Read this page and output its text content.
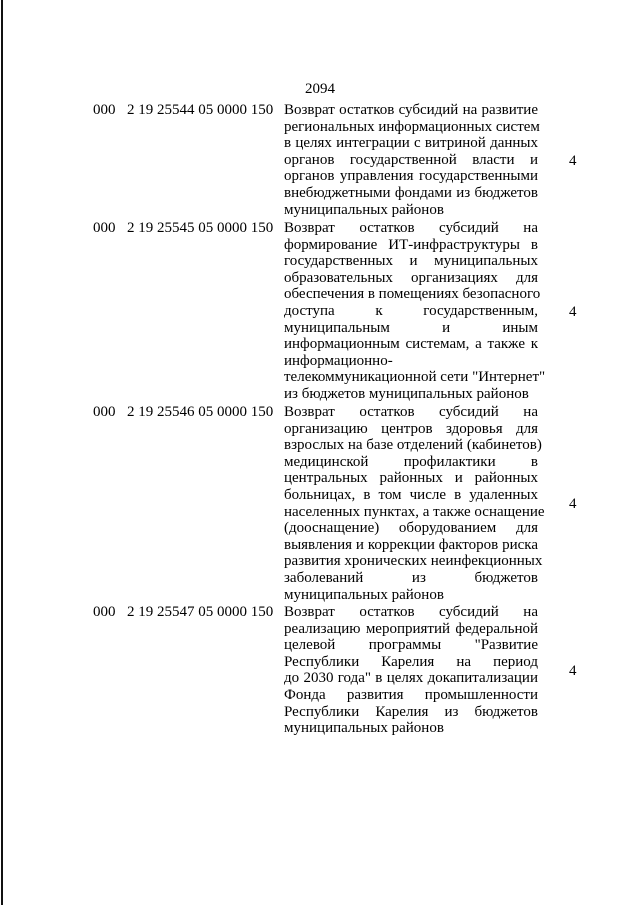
2094
000 2 19 25544 05 0000 150 Возврат остатков субсидий на развитие
региональных информационных систем
в целях интеграции с витриной данных
органов государственной власти и
органов управления государственными
внебюджетными фондами из бюджетов
муниципальных районов
4
000 2 19 25545 05 0000 150 Возврат остатков субсидий на
формирование ИТ-инфраструктуры в
государственных и муниципальных
образовательных организациях для
обеспечения в помещениях безопасного
доступа к государственным,
муниципальным и иным
информационным системам, а также к
информационно-
телекоммуникационной сети "Интернет"
из бюджетов муниципальных районов
4
000 2 19 25546 05 0000 150 Возврат остатков субсидий на
организацию центров здоровья для
взрослых на базе отделений (кабинетов)
медицинской профилактики в
центральных районных и районных
больницах, в том числе в удаленных
населенных пунктах, а также оснащение
(дооснащение) оборудованием для
выявления и коррекции факторов риска
развития хронических неинфекционных
заболеваний из бюджетов
муниципальных районов
4
000 2 19 25547 05 0000 150 Возврат остатков субсидий на
реализацию мероприятий федеральной
целевой программы "Развитие
Республики Карелия на период
до 2030 года" в целях докапитализации
Фонда развития промышленности
Республики Карелия из бюджетов
муниципальных районов
4
